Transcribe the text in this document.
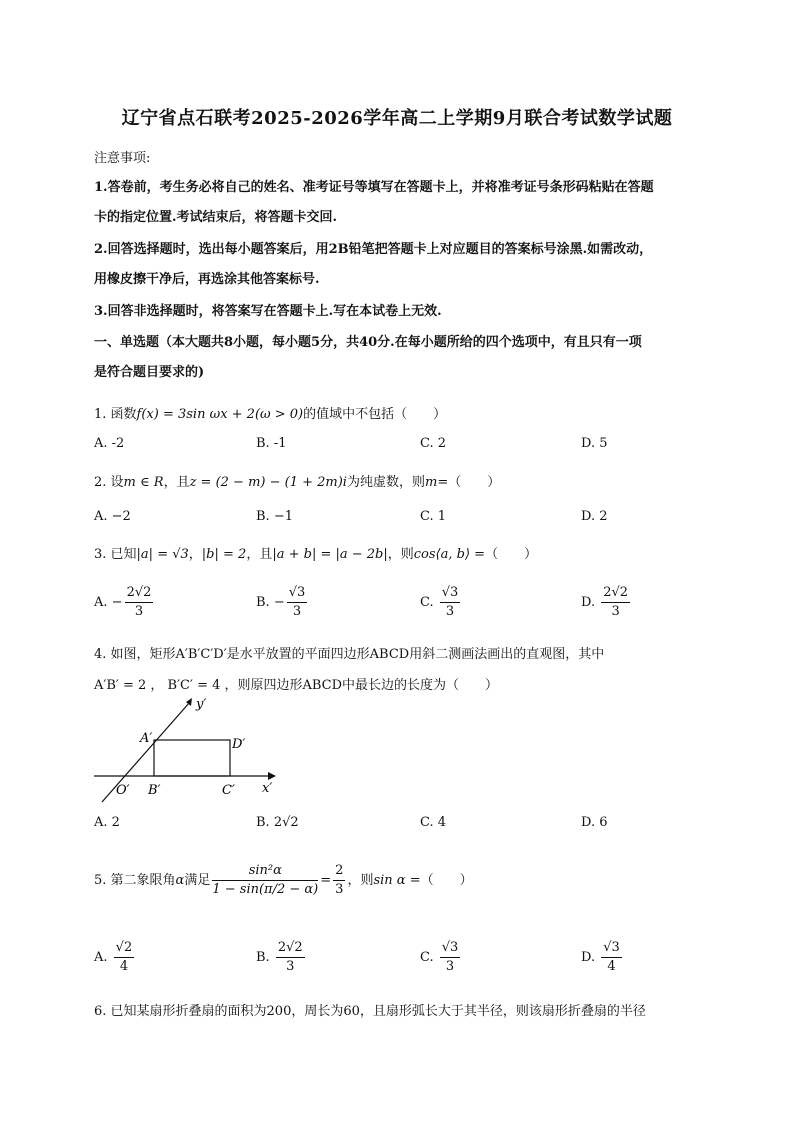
辽宁省点石联考2025-2026学年高二上学期9月联合考试数学试题
注意事项:
1.答卷前，考生务必将自己的姓名、准考证号等填写在答题卡上，并将准考证号条形码粘贴在答题
卡的指定位置.考试结束后，将答题卡交回.
2.回答选择题时，选出每小题答案后，用2B铅笔把答题卡上对应题目的答案标号涂黑.如需改动，
用橡皮擦干净后，再选涂其他答案标号.
3.回答非选择题时，将答案写在答题卡上.写在本试卷上无效.
一、单选题（本大题共8小题，每小题5分，共40分.在每小题所给的四个选项中，有且只有一项
是符合题目要求的)
1. 函数f(x) = 3sin ωx + 2(ω > 0)的值域中不包括（　　）
A. -2	B. -1	C. 2	D. 5
2. 设m ∈ R，且z = (2 − m) − (1 + 2m)i为纯虚数，则m=（　　）
A. −2	B. −1	C. 1	D. 2
3. 已知|a| = √3，|b| = 2，且|a + b| = |a − 2b|，则cos⟨a, b⟩ =（　　）
A. − $\frac{2√2}{3}$	B. − $\frac{√3}{3}$	C. $\frac{√3}{3}$	D. $\frac{2√2}{3}$
4. 如图，矩形A′B′C′D′是水平放置的平面四边形ABCD用斜二测画法画出的直观图，其中
A′B′ = 2 ， B′C′ = 4 ，则原四边形ABCD中最长边的长度为（　　）
y′
x′
O′
A′
B′	C′
D′
A. 2	B. 2√2	C. 4	D. 6
5. 第二象限角α满足 $\frac{\text{sin²α}}{1 - \sin(\pi/2 - \alpha)} = \frac{2}{3}$ ，则sin α =（　　）
A. $\frac{√2}{4}$	B. $\frac{2√2}{3}$	C. $\frac{√3}{3}$	D. $\frac{√3}{4}$
6. 已知某扇形折叠扇的面积为200，周长为60，且扇形弧长大于其半径，则该扇形折叠扇的半径
